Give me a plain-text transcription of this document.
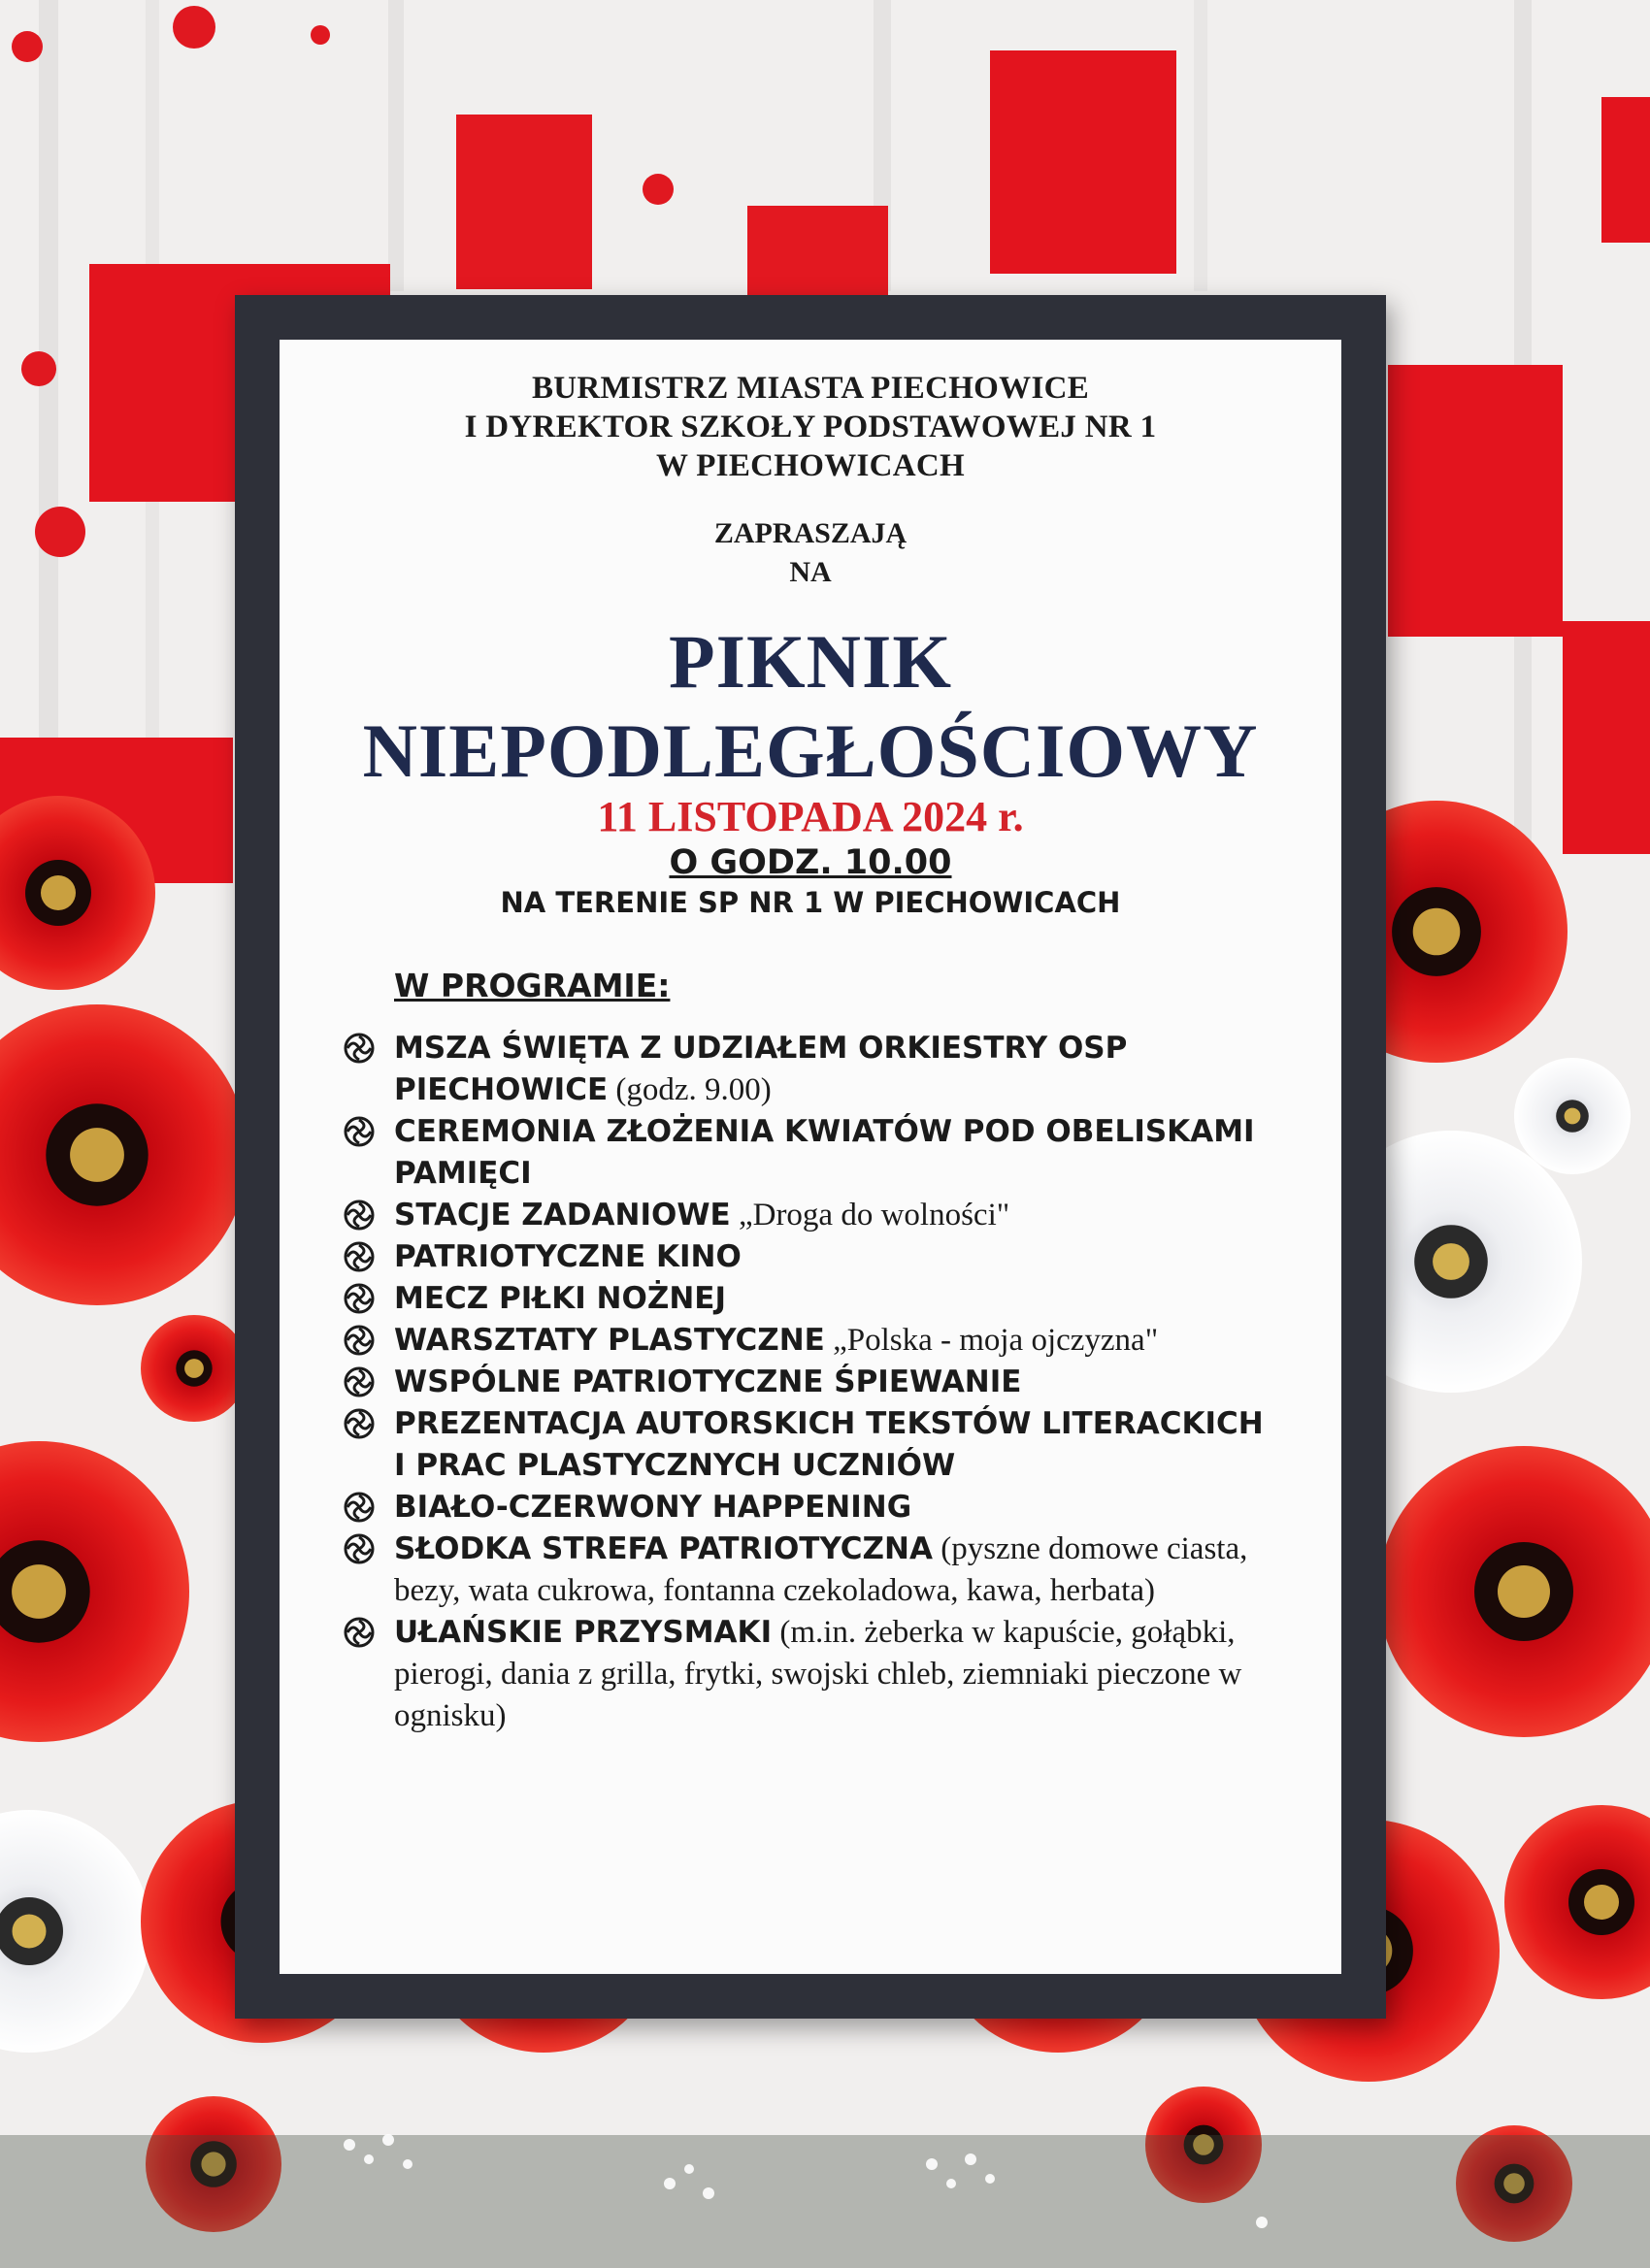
BURMISTRZ MIASTA PIECHOWICE
I DYREKTOR SZKOŁY PODSTAWOWEJ NR 1
W PIECHOWICACH
ZAPRASZAJĄ
NA
PIKNIK
NIEPODLEGŁOŚCIOWY
11 LISTOPADA 2024 r.
O GODZ. 10.00
NA TERENIE SP NR 1 W PIECHOWICACH
W PROGRAMIE:
MSZA ŚWIĘTA Z UDZIAŁEM ORKIESTRY OSP PIECHOWICE (godz. 9.00)
CEREMONIA ZŁOŻENIA KWIATÓW POD OBELISKAMI PAMIĘCI
STACJE ZADANIOWE „Droga do wolności"
PATRIOTYCZNE KINO
MECZ PIŁKI NOŻNEJ
WARSZTATY PLASTYCZNE „Polska - moja ojczyzna"
WSPÓLNE PATRIOTYCZNE ŚPIEWANIE
PREZENTACJA AUTORSKICH TEKSTÓW LITERACKICH I PRAC PLASTYCZNYCH UCZNIÓW
BIAŁO-CZERWONY HAPPENING
SŁODKA STREFA PATRIOTYCZNA (pyszne domowe ciasta, bezy, wata cukrowa, fontanna czekoladowa, kawa, herbata)
UŁAŃSKIE PRZYSMAKI (m.in. żeberka w kapuście, gołąbki, pierogi, dania z grilla, frytki, swojski chleb, ziemniaki pieczone w ognisku)
